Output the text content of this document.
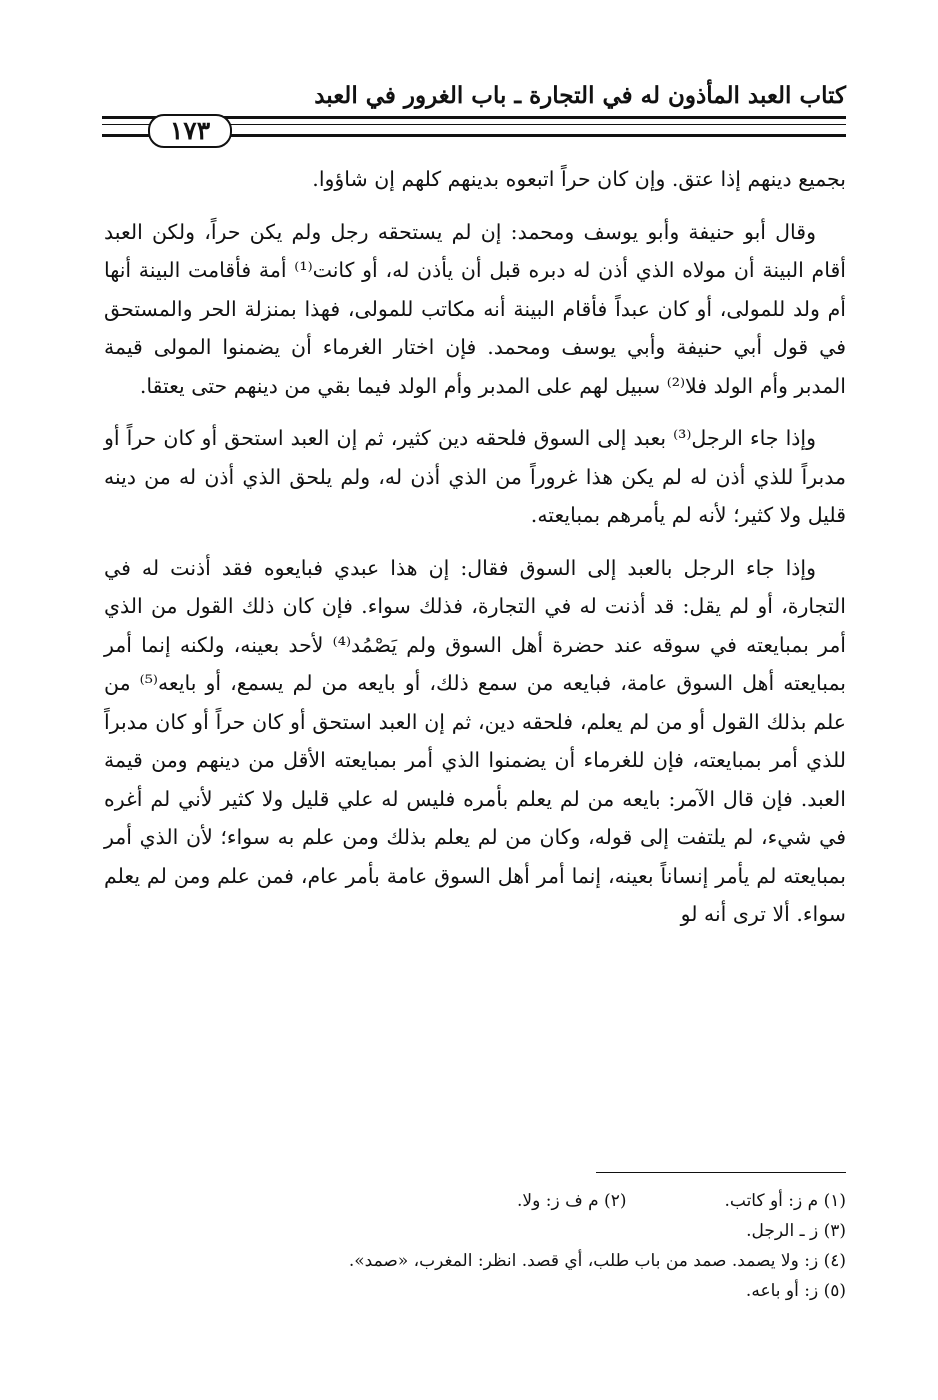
كتاب العبد المأذون له في التجارة ـ باب الغرور في العبد
١٧٣

بجميع دينهم إذا عتق. وإن كان حراً اتبعوه بدينهم كلهم إن شاؤوا.

وقال أبو حنيفة وأبو يوسف ومحمد: إن لم يستحقه رجل ولم يكن حراً، ولكن العبد أقام البينة أن مولاه الذي أذن له دبره قبل أن يأذن له، أو كانت⁽¹⁾ أمة فأقامت البينة أنها أم ولد للمولى، أو كان عبداً فأقام البينة أنه مكاتب للمولى، فهذا بمنزلة الحر والمستحق في قول أبي حنيفة وأبي يوسف ومحمد. فإن اختار الغرماء أن يضمنوا المولى قيمة المدبر وأم الولد فلا⁽²⁾ سبيل لهم على المدبر وأم الولد فيما بقي من دينهم حتى يعتقا.

وإذا جاء الرجل⁽³⁾ بعبد إلى السوق فلحقه دين كثير، ثم إن العبد استحق أو كان حراً أو مدبراً للذي أذن له لم يكن هذا غروراً من الذي أذن له، ولم يلحق الذي أذن له من دينه قليل ولا كثير؛ لأنه لم يأمرهم بمبايعته.

وإذا جاء الرجل بالعبد إلى السوق فقال: إن هذا عبدي فبايعوه فقد أذنت له في التجارة، أو لم يقل: قد أذنت له في التجارة، فذلك سواء. فإن كان ذلك القول من الذي أمر بمبايعته في سوقه عند حضرة أهل السوق ولم يَصْمُد⁽⁴⁾ لأحد بعينه، ولكنه إنما أمر بمبايعته أهل السوق عامة، فبايعه من سمع ذلك، أو بايعه من لم يسمع، أو بايعه⁽⁵⁾ من علم بذلك القول أو من لم يعلم، فلحقه دين، ثم إن العبد استحق أو كان حراً أو كان مدبراً للذي أمر بمبايعته، فإن للغرماء أن يضمنوا الذي أمر بمبايعته الأقل من دينهم ومن قيمة العبد. فإن قال الآمر: بايعه من لم يعلم بأمره فليس له علي قليل ولا كثير لأني لم أغره في شيء، لم يلتفت إلى قوله، وكان من لم يعلم بذلك ومن علم به سواء؛ لأن الذي أمر بمبايعته لم يأمر إنساناً بعينه، إنما أمر أهل السوق عامة بأمر عام، فمن علم ومن لم يعلم سواء. ألا ترى أنه لو

(١) م ز: أو كاتب.
(٢) م ف ز: ولا.
(٣) ز ـ الرجل.
(٤) ز: ولا يصمد. صمد من باب طلب، أي قصد. انظر: المغرب، «صمد».
(٥) ز: أو باعه.
